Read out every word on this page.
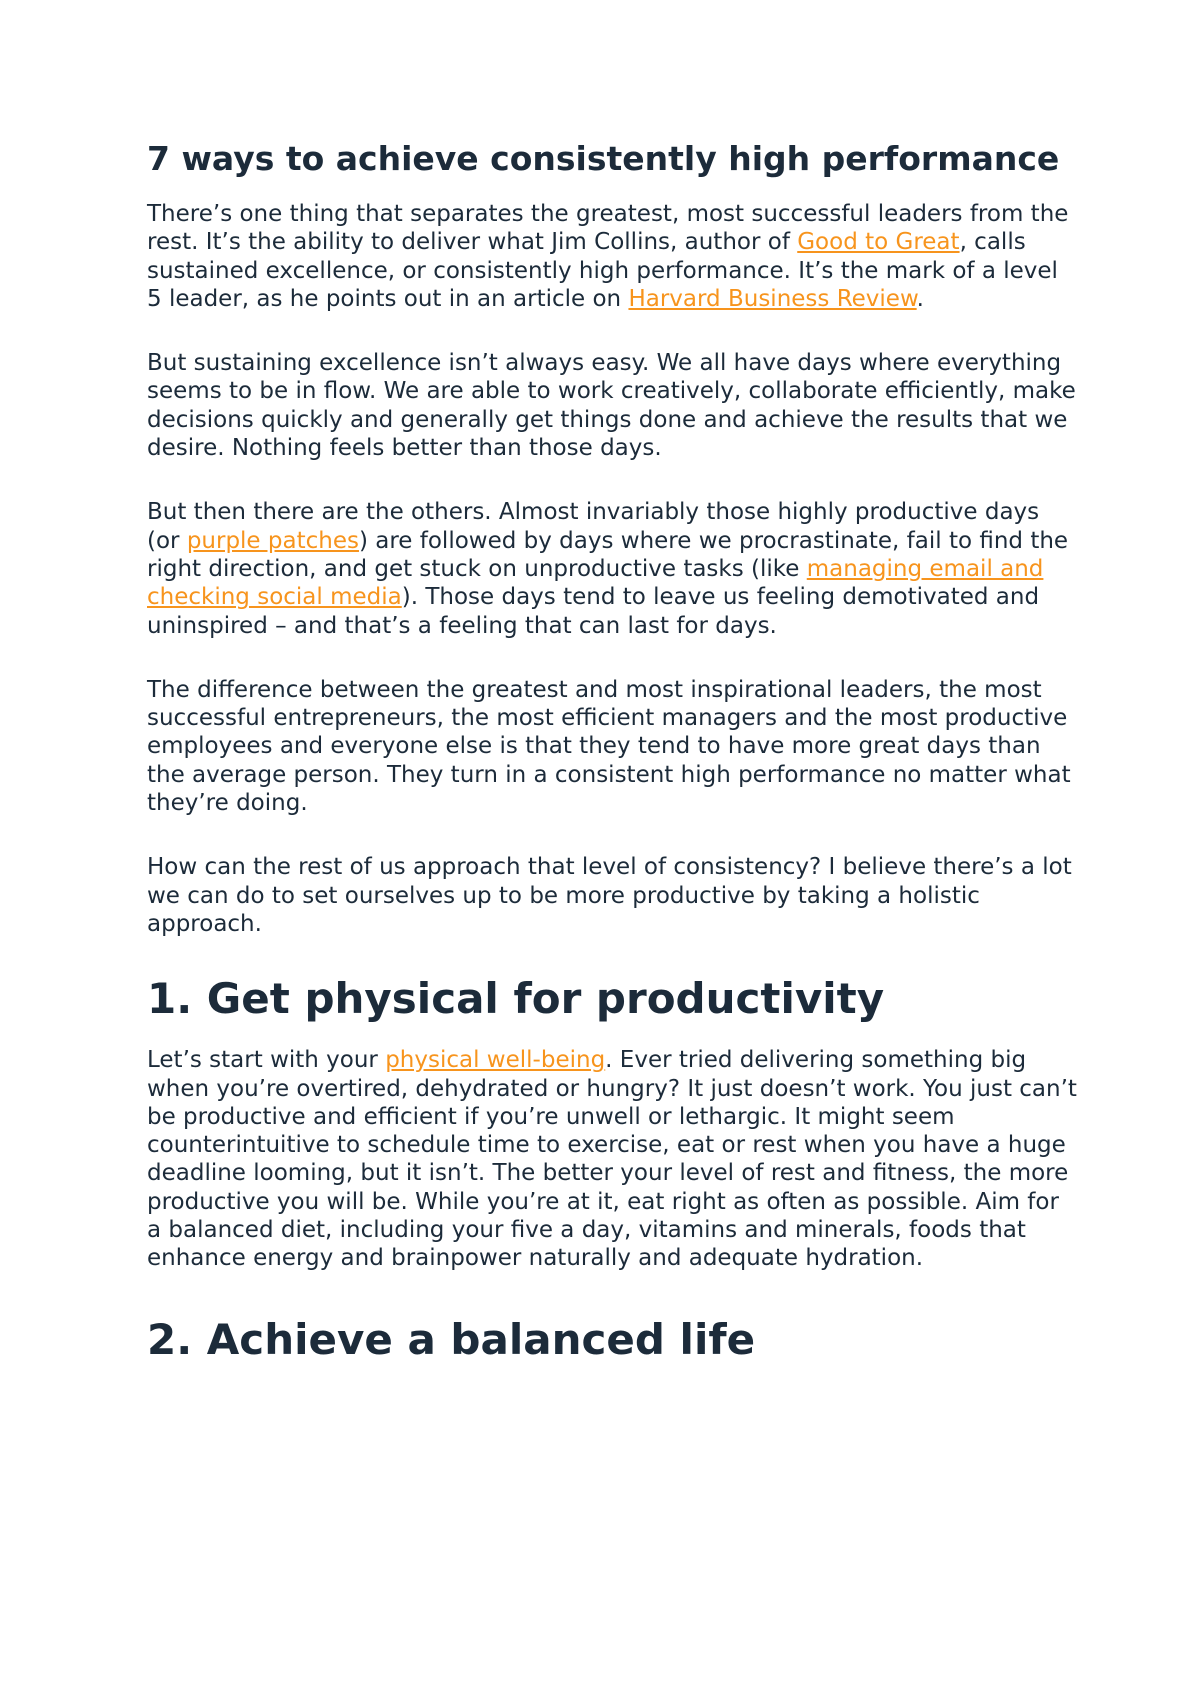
7 ways to achieve consistently high performance

There’s one thing that separates the greatest, most successful leaders from the rest. It’s the ability to deliver what Jim Collins, author of Good to Great, calls sustained excellence, or consistently high performance. It’s the mark of a level 5 leader, as he points out in an article on Harvard Business Review.

But sustaining excellence isn’t always easy. We all have days where everything seems to be in flow. We are able to work creatively, collaborate efficiently, make decisions quickly and generally get things done and achieve the results that we desire. Nothing feels better than those days.

But then there are the others. Almost invariably those highly productive days (or purple patches) are followed by days where we procrastinate, fail to find the right direction, and get stuck on unproductive tasks (like managing email and checking social media). Those days tend to leave us feeling demotivated and uninspired – and that’s a feeling that can last for days.

The difference between the greatest and most inspirational leaders, the most successful entrepreneurs, the most efficient managers and the most productive employees and everyone else is that they tend to have more great days than the average person. They turn in a consistent high performance no matter what they’re doing.

How can the rest of us approach that level of consistency? I believe there’s a lot we can do to set ourselves up to be more productive by taking a holistic approach.

1. Get physical for productivity

Let’s start with your physical well-being. Ever tried delivering something big when you’re overtired, dehydrated or hungry? It just doesn’t work. You just can’t be productive and efficient if you’re unwell or lethargic. It might seem counterintuitive to schedule time to exercise, eat or rest when you have a huge deadline looming, but it isn’t. The better your level of rest and fitness, the more productive you will be. While you’re at it, eat right as often as possible. Aim for a balanced diet, including your five a day, vitamins and minerals, foods that enhance energy and brainpower naturally and adequate hydration.

2. Achieve a balanced life
